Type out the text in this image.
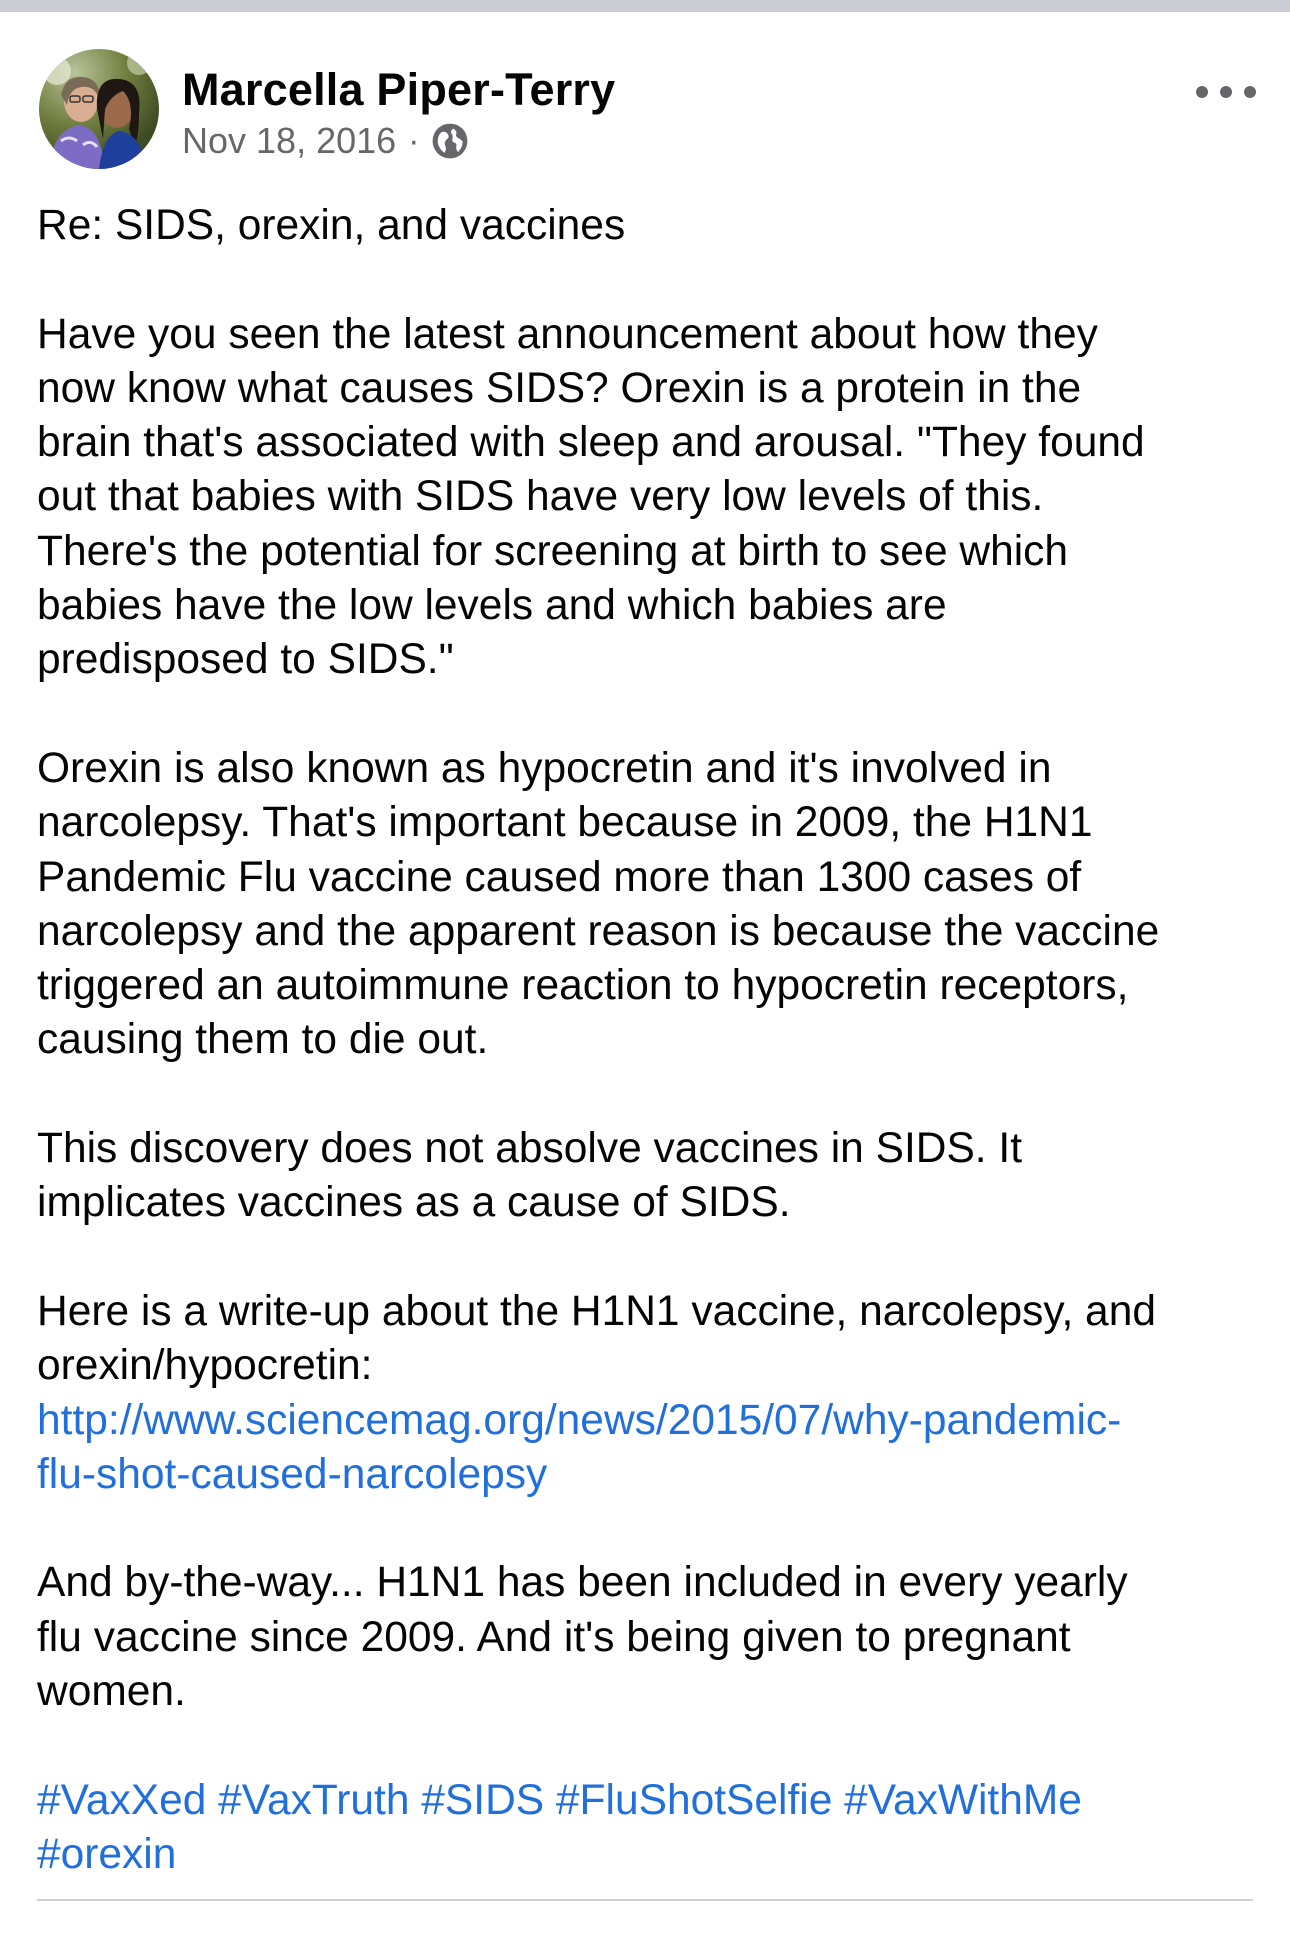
Marcella Piper-Terry
Nov 18, 2016 ·

Re: SIDS, orexin, and vaccines

Have you seen the latest announcement about how they
now know what causes SIDS? Orexin is a protein in the
brain that's associated with sleep and arousal. "They found
out that babies with SIDS have very low levels of this.
There's the potential for screening at birth to see which
babies have the low levels and which babies are
predisposed to SIDS."

Orexin is also known as hypocretin and it's involved in
narcolepsy. That's important because in 2009, the H1N1
Pandemic Flu vaccine caused more than 1300 cases of
narcolepsy and the apparent reason is because the vaccine
triggered an autoimmune reaction to hypocretin receptors,
causing them to die out.

This discovery does not absolve vaccines in SIDS. It
implicates vaccines as a cause of SIDS.

Here is a write-up about the H1N1 vaccine, narcolepsy, and
orexin/hypocretin:

http://www.sciencemag.org/news/2015/07/why-pandemic-
flu-shot-caused-narcolepsy

And by-the-way... H1N1 has been included in every yearly
flu vaccine since 2009. And it's being given to pregnant
women.

#VaxXed #VaxTruth #SIDS #FluShotSelfie #VaxWithMe
#orexin
